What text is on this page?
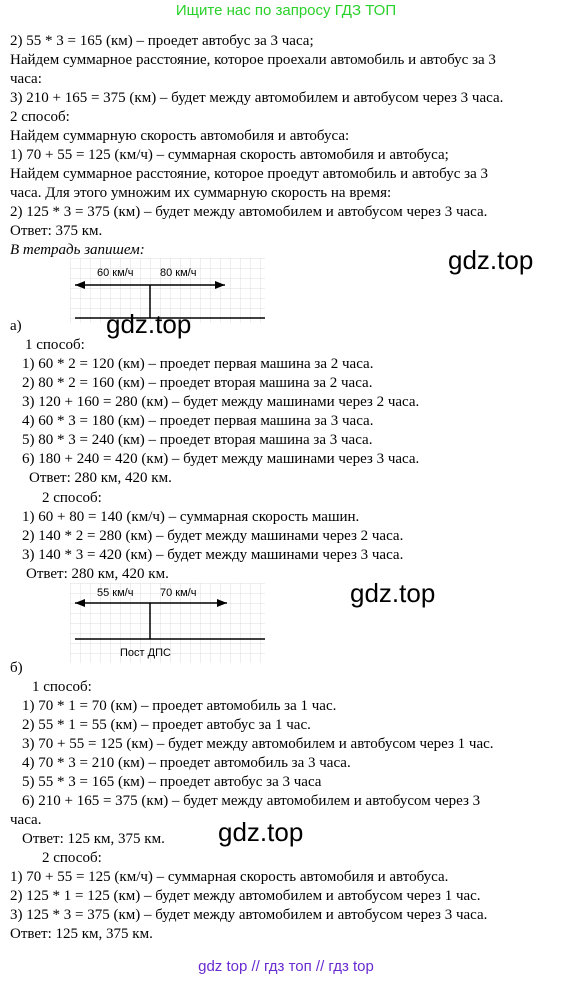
Ищите нас по запросу ГДЗ ТОП
2) 55 * 3 = 165 (км) – проедет автобус за 3 часа;
Найдем суммарное расстояние, которое проехали автомобиль и автобус за 3
часа:
3) 210 + 165 = 375 (км) – будет между автомобилем и автобусом через 3 часа.
2 способ:
Найдем суммарную скорость автомобиля и автобуса:
1) 70 + 55 = 125 (км/ч) – суммарная скорость автомобиля и автобуса;
Найдем суммарное расстояние, которое проедут автомобиль и автобус за 3
часа. Для этого умножим их суммарную скорость на время:
2) 125 * 3 = 375 (км) – будет между автомобилем и автобусом через 3 часа.
Ответ: 375 км.
В тетрадь запишем:
60 км/ч 80 км/ч
а)
gdz.top
gdz.top
1 способ:
1) 60 * 2 = 120 (км) – проедет первая машина за 2 часа.
2) 80 * 2 = 160 (км) – проедет вторая машина за 2 часа.
3) 120 + 160 = 280 (км) – будет между машинами через 2 часа.
4) 60 * 3 = 180 (км) – проедет первая машина за 3 часа.
5) 80 * 3 = 240 (км) – проедет вторая машина за 3 часа.
6) 180 + 240 = 420 (км) – будет между машинами через 3 часа.
Ответ: 280 км, 420 км.
2 способ:
1) 60 + 80 = 140 (км/ч) – суммарная скорость машин.
2) 140 * 2 = 280 (км) – будет между машинами через 2 часа.
3) 140 * 3 = 420 (км) – будет между машинами через 3 часа.
Ответ: 280 км, 420 км.
55 км/ч 70 км/ч
Пост ДПС
gdz.top
б)
1 способ:
1) 70 * 1 = 70 (км) – проедет автомобиль за 1 час.
2) 55 * 1 = 55 (км) – проедет автобус за 1 час.
3) 70 + 55 = 125 (км) – будет между автомобилем и автобусом через 1 час.
4) 70 * 3 = 210 (км) – проедет автомобиль за 3 часа.
5) 55 * 3 = 165 (км) – проедет автобус за 3 часа
6) 210 + 165 = 375 (км) – будет между автомобилем и автобусом через 3
часа.
Ответ: 125 км, 375 км. gdz.top
2 способ:
1) 70 + 55 = 125 (км/ч) – суммарная скорость автомобиля и автобуса.
2) 125 * 1 = 125 (км) – будет между автомобилем и автобусом через 1 час.
3) 125 * 3 = 375 (км) – будет между автомобилем и автобусом через 3 часа.
Ответ: 125 км, 375 км.
gdz top // гдз топ // гдз top
